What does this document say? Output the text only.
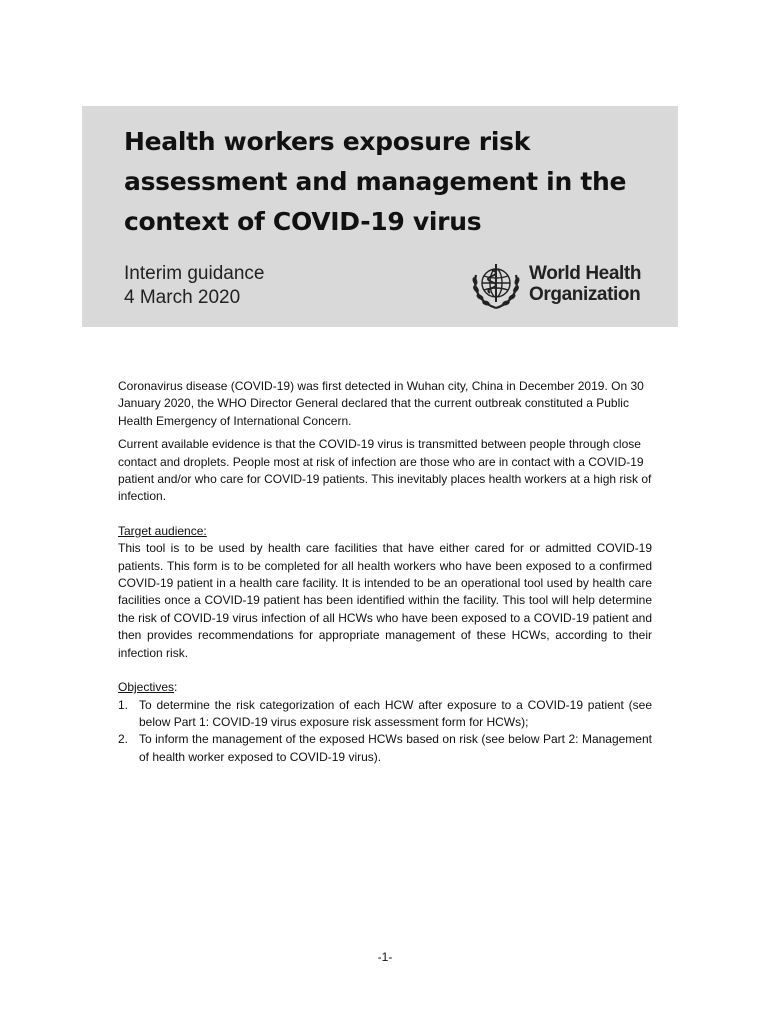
Health workers exposure risk
assessment and management in the
context of COVID-19 virus
Interim guidance
4 March 2020
World Health
Organization

Coronavirus disease (COVID-19) was first detected in Wuhan city, China in December 2019. On 30 January 2020, the WHO Director General declared that the current outbreak constituted a Public Health Emergency of International Concern.

Current available evidence is that the COVID-19 virus is transmitted between people through close contact and droplets. People most at risk of infection are those who are in contact with a COVID-19 patient and/or who care for COVID-19 patients. This inevitably places health workers at a high risk of infection.

Target audience:

This tool is to be used by health care facilities that have either cared for or admitted COVID-19 patients. This form is to be completed for all health workers who have been exposed to a confirmed COVID-19 patient in a health care facility. It is intended to be an operational tool used by health care facilities once a COVID-19 patient has been identified within the facility. This tool will help determine the risk of COVID-19 virus infection of all HCWs who have been exposed to a COVID-19 patient and then provides recommendations for appropriate management of these HCWs, according to their infection risk.

Objectives:
1. To determine the risk categorization of each HCW after exposure to a COVID-19 patient (see below Part 1: COVID-19 virus exposure risk assessment form for HCWs);
2. To inform the management of the exposed HCWs based on risk (see below Part 2: Management of health worker exposed to COVID-19 virus).
-1-
